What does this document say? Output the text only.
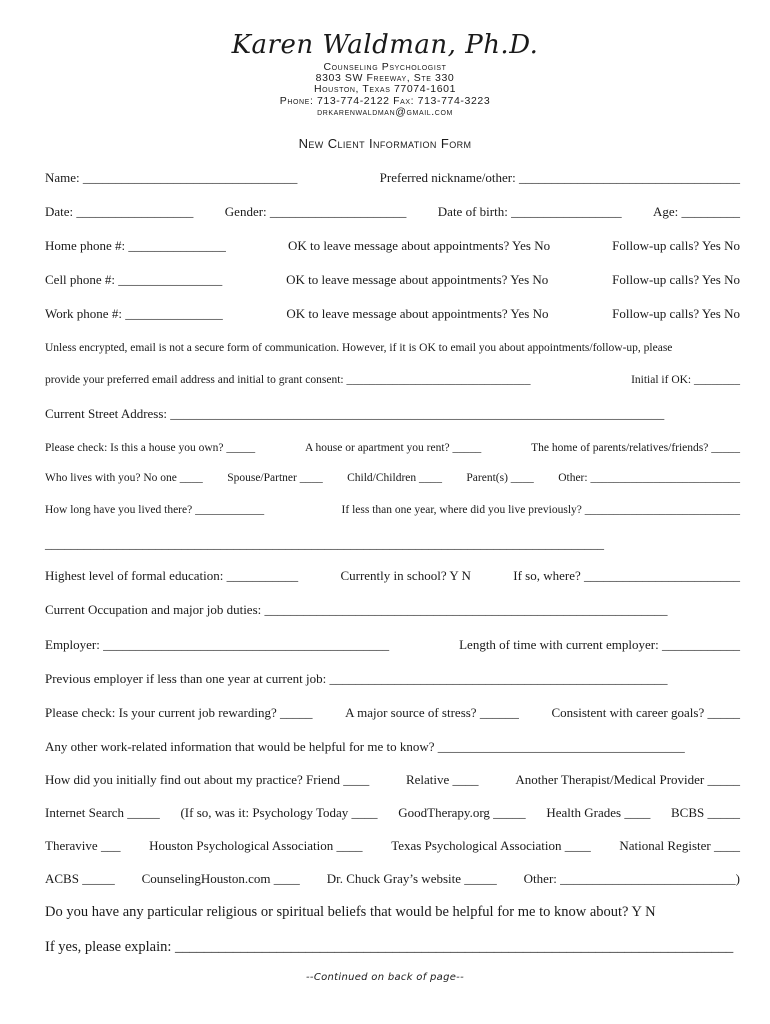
Karen Waldman, Ph.D.
Counseling Psychologist
8303 SW Freeway, Ste 330
Houston, Texas 77074-1601
Phone: 713-774-2122 Fax: 713-774-3223
drkarenwaldman@gmail.com
New Client Information Form
Name: _________________________________	Preferred nickname/other: __________________________________
Date: __________________ Gender: _____________________ Date of birth: _________________ Age: _________
Home phone #: _______________	OK to leave message about appointments? Yes No	Follow-up calls? Yes No
Cell phone #: ________________	OK to leave message about appointments? Yes No	Follow-up calls? Yes No
Work phone #: _______________	OK to leave message about appointments? Yes No	Follow-up calls? Yes No
Unless encrypted, email is not a secure form of communication. However, if it is OK to email you about appointments/follow-up, please
provide your preferred email address and initial to grant consent: ________________________________	Initial if OK: ________
Current Street Address: ____________________________________________________________________________
Please check: Is this a house you own? _____	A house or apartment you rent? _____	The home of parents/relatives/friends? _____
Who lives with you? No one ____ Spouse/Partner ____ Child/Children ____ Parent(s) ____ Other: __________________________
How long have you lived there? ____________	If less than one year, where did you live previously? ___________________________
______________________________________________________________________________________
Highest level of formal education: ___________	Currently in school? Y N	If so, where? ________________________
Current Occupation and major job duties: ______________________________________________________________
Employer: ____________________________________________	Length of time with current employer: ____________
Previous employer if less than one year at current job: ____________________________________________________
Please check: Is your current job rewarding? _____	A major source of stress? ______	Consistent with career goals? _____
Any other work-related information that would be helpful for me to know? ______________________________________
How did you initially find out about my practice? Friend ____	Relative ____	Another Therapist/Medical Provider _____
Internet Search _____ (If so, was it: Psychology Today ____ GoodTherapy.org _____ Health Grades ____ BCBS _____
Theravive ___ Houston Psychological Association ____ Texas Psychological Association ____ National Register ____
ACBS _____ CounselingHouston.com ____ Dr. Chuck Gray’s website _____ Other: ___________________________)
Do you have any particular religious or spiritual beliefs that would be helpful for me to know about? Y N
If yes, please explain: _____________________________________________________________________________
--Continued on back of page--
